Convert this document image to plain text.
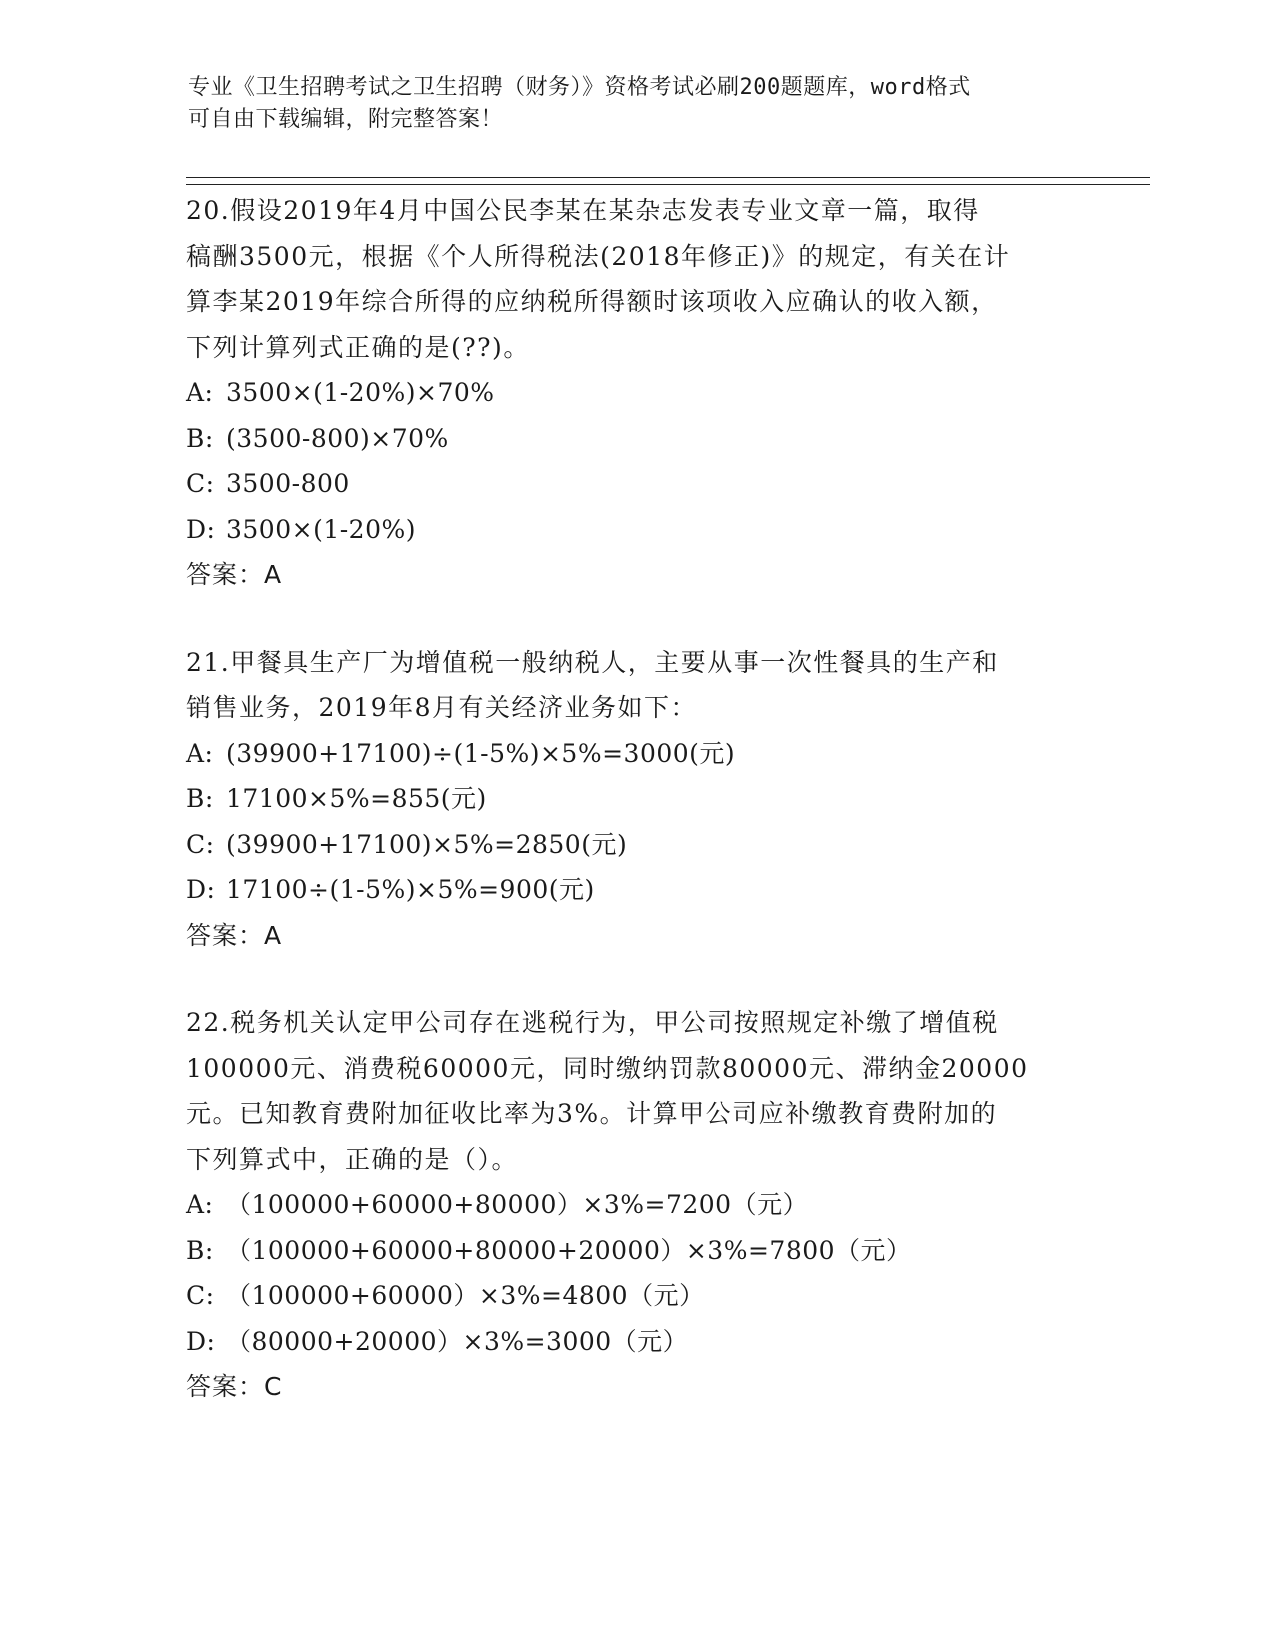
专业《卫生招聘考试之卫生招聘（财务）》资格考试必刷200题题库，word格式
可自由下载编辑，附完整答案！
20.假设2019年4月中国公民李某在某杂志发表专业文章一篇，取得
稿酬3500元，根据《个人所得税法(2018年修正)》的规定，有关在计
算李某2019年综合所得的应纳税所得额时该项收入应确认的收入额，
下列计算列式正确的是(??)。
A: 3500×(1-20%)×70%
B: (3500-800)×70%
C: 3500-800
D: 3500×(1-20%)
答案：A
21.甲餐具生产厂为增值税一般纳税人，主要从事一次性餐具的生产和
销售业务，2019年8月有关经济业务如下：
A: (39900+17100)÷(1-5%)×5%=3000(元)
B: 17100×5%=855(元)
C: (39900+17100)×5%=2850(元)
D: 17100÷(1-5%)×5%=900(元)
答案：A
22.税务机关认定甲公司存在逃税行为，甲公司按照规定补缴了增值税
100000元、消费税60000元，同时缴纳罚款80000元、滞纳金20000
元。已知教育费附加征收比率为3%。计算甲公司应补缴教育费附加的
下列算式中，正确的是（）。
A: （100000+60000+80000）×3%=7200（元）
B: （100000+60000+80000+20000）×3%=7800（元）
C: （100000+60000）×3%=4800（元）
D: （80000+20000）×3%=3000（元）
答案：C
